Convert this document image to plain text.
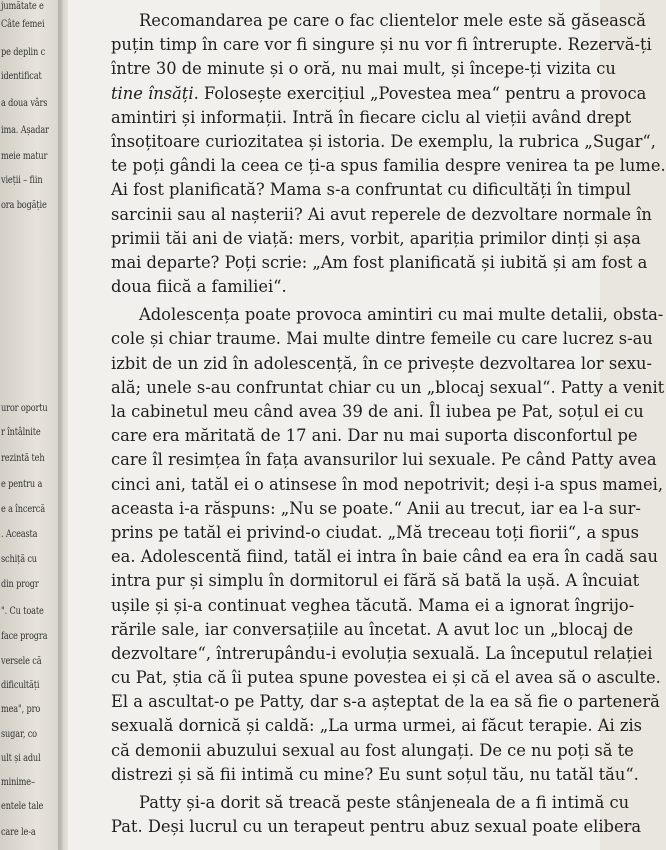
jumătate e
Câte femei
pe deplin c
identificat
a doua vârs
ima. Așadar
meie matur
vieții – fiin
ora bogăție
uror oportu
r întâlnite
rezintă teh
e pentru a
e a încercă
. Aceasta
schiță cu
din progr
". Cu toate
face progra
versele că
dificultăți
mea", pro
sugar, co
ult și adul
minime–
entele tale
care le-a
Recomandarea pe care o fac clientelor mele este să găsească
puțin timp în care vor fi singure și nu vor fi întrerupte. Rezervă-ți
între 30 de minute și o oră, nu mai mult, și începe-ți vizita cu
tine însăți. Folosește exercițiul „Povestea mea“ pentru a provoca
amintiri și informații. Intră în fiecare ciclu al vieții având drept
însoțitoare curiozitatea și istoria. De exemplu, la rubrica „Sugar“,
te poți gândi la ceea ce ți-a spus familia despre venirea ta pe lume.
Ai fost planificată? Mama s-a confruntat cu dificultăți în timpul
sarcinii sau al nașterii? Ai avut reperele de dezvoltare normale în
primii tăi ani de viață: mers, vorbit, apariția primilor dinți și așa
mai departe? Poți scrie: „Am fost planificată și iubită și am fost a
doua fiică a familiei“.
Adolescența poate provoca amintiri cu mai multe detalii, obsta-
cole și chiar traume. Mai multe dintre femeile cu care lucrez s-au
izbit de un zid în adolescență, în ce privește dezvoltarea lor sexu-
ală; unele s-au confruntat chiar cu un „blocaj sexual“. Patty a venit
la cabinetul meu când avea 39 de ani. Îl iubea pe Pat, soțul ei cu
care era măritată de 17 ani. Dar nu mai suporta disconfortul pe
care îl resimțea în fața avansurilor lui sexuale. Pe când Patty avea
cinci ani, tatăl ei o atinsese în mod nepotrivit; deși i-a spus mamei,
aceasta i-a răspuns: „Nu se poate.“ Anii au trecut, iar ea l-a sur-
prins pe tatăl ei privind-o ciudat. „Mă treceau toți fiorii“, a spus
ea. Adolescentă fiind, tatăl ei intra în baie când ea era în cadă sau
intra pur și simplu în dormitorul ei fără să bată la ușă. A încuiat
ușile și și-a continuat veghea tăcută. Mama ei a ignorat îngrijo-
rările sale, iar conversațiile au încetat. A avut loc un „blocaj de
dezvoltare“, întrerupându-i evoluția sexuală. La începutul relației
cu Pat, știa că îi putea spune povestea ei și că el avea să o asculte.
El a ascultat-o pe Patty, dar s-a așteptat de la ea să fie o parteneră
sexuală dornică și caldă: „La urma urmei, ai făcut terapie. Ai zis
că demonii abuzului sexual au fost alungați. De ce nu poți să te
distrezi și să fii intimă cu mine? Eu sunt soțul tău, nu tatăl tău“.
Patty și-a dorit să treacă peste stânjeneala de a fi intimă cu
Pat. Deși lucrul cu un terapeut pentru abuz sexual poate elibera
